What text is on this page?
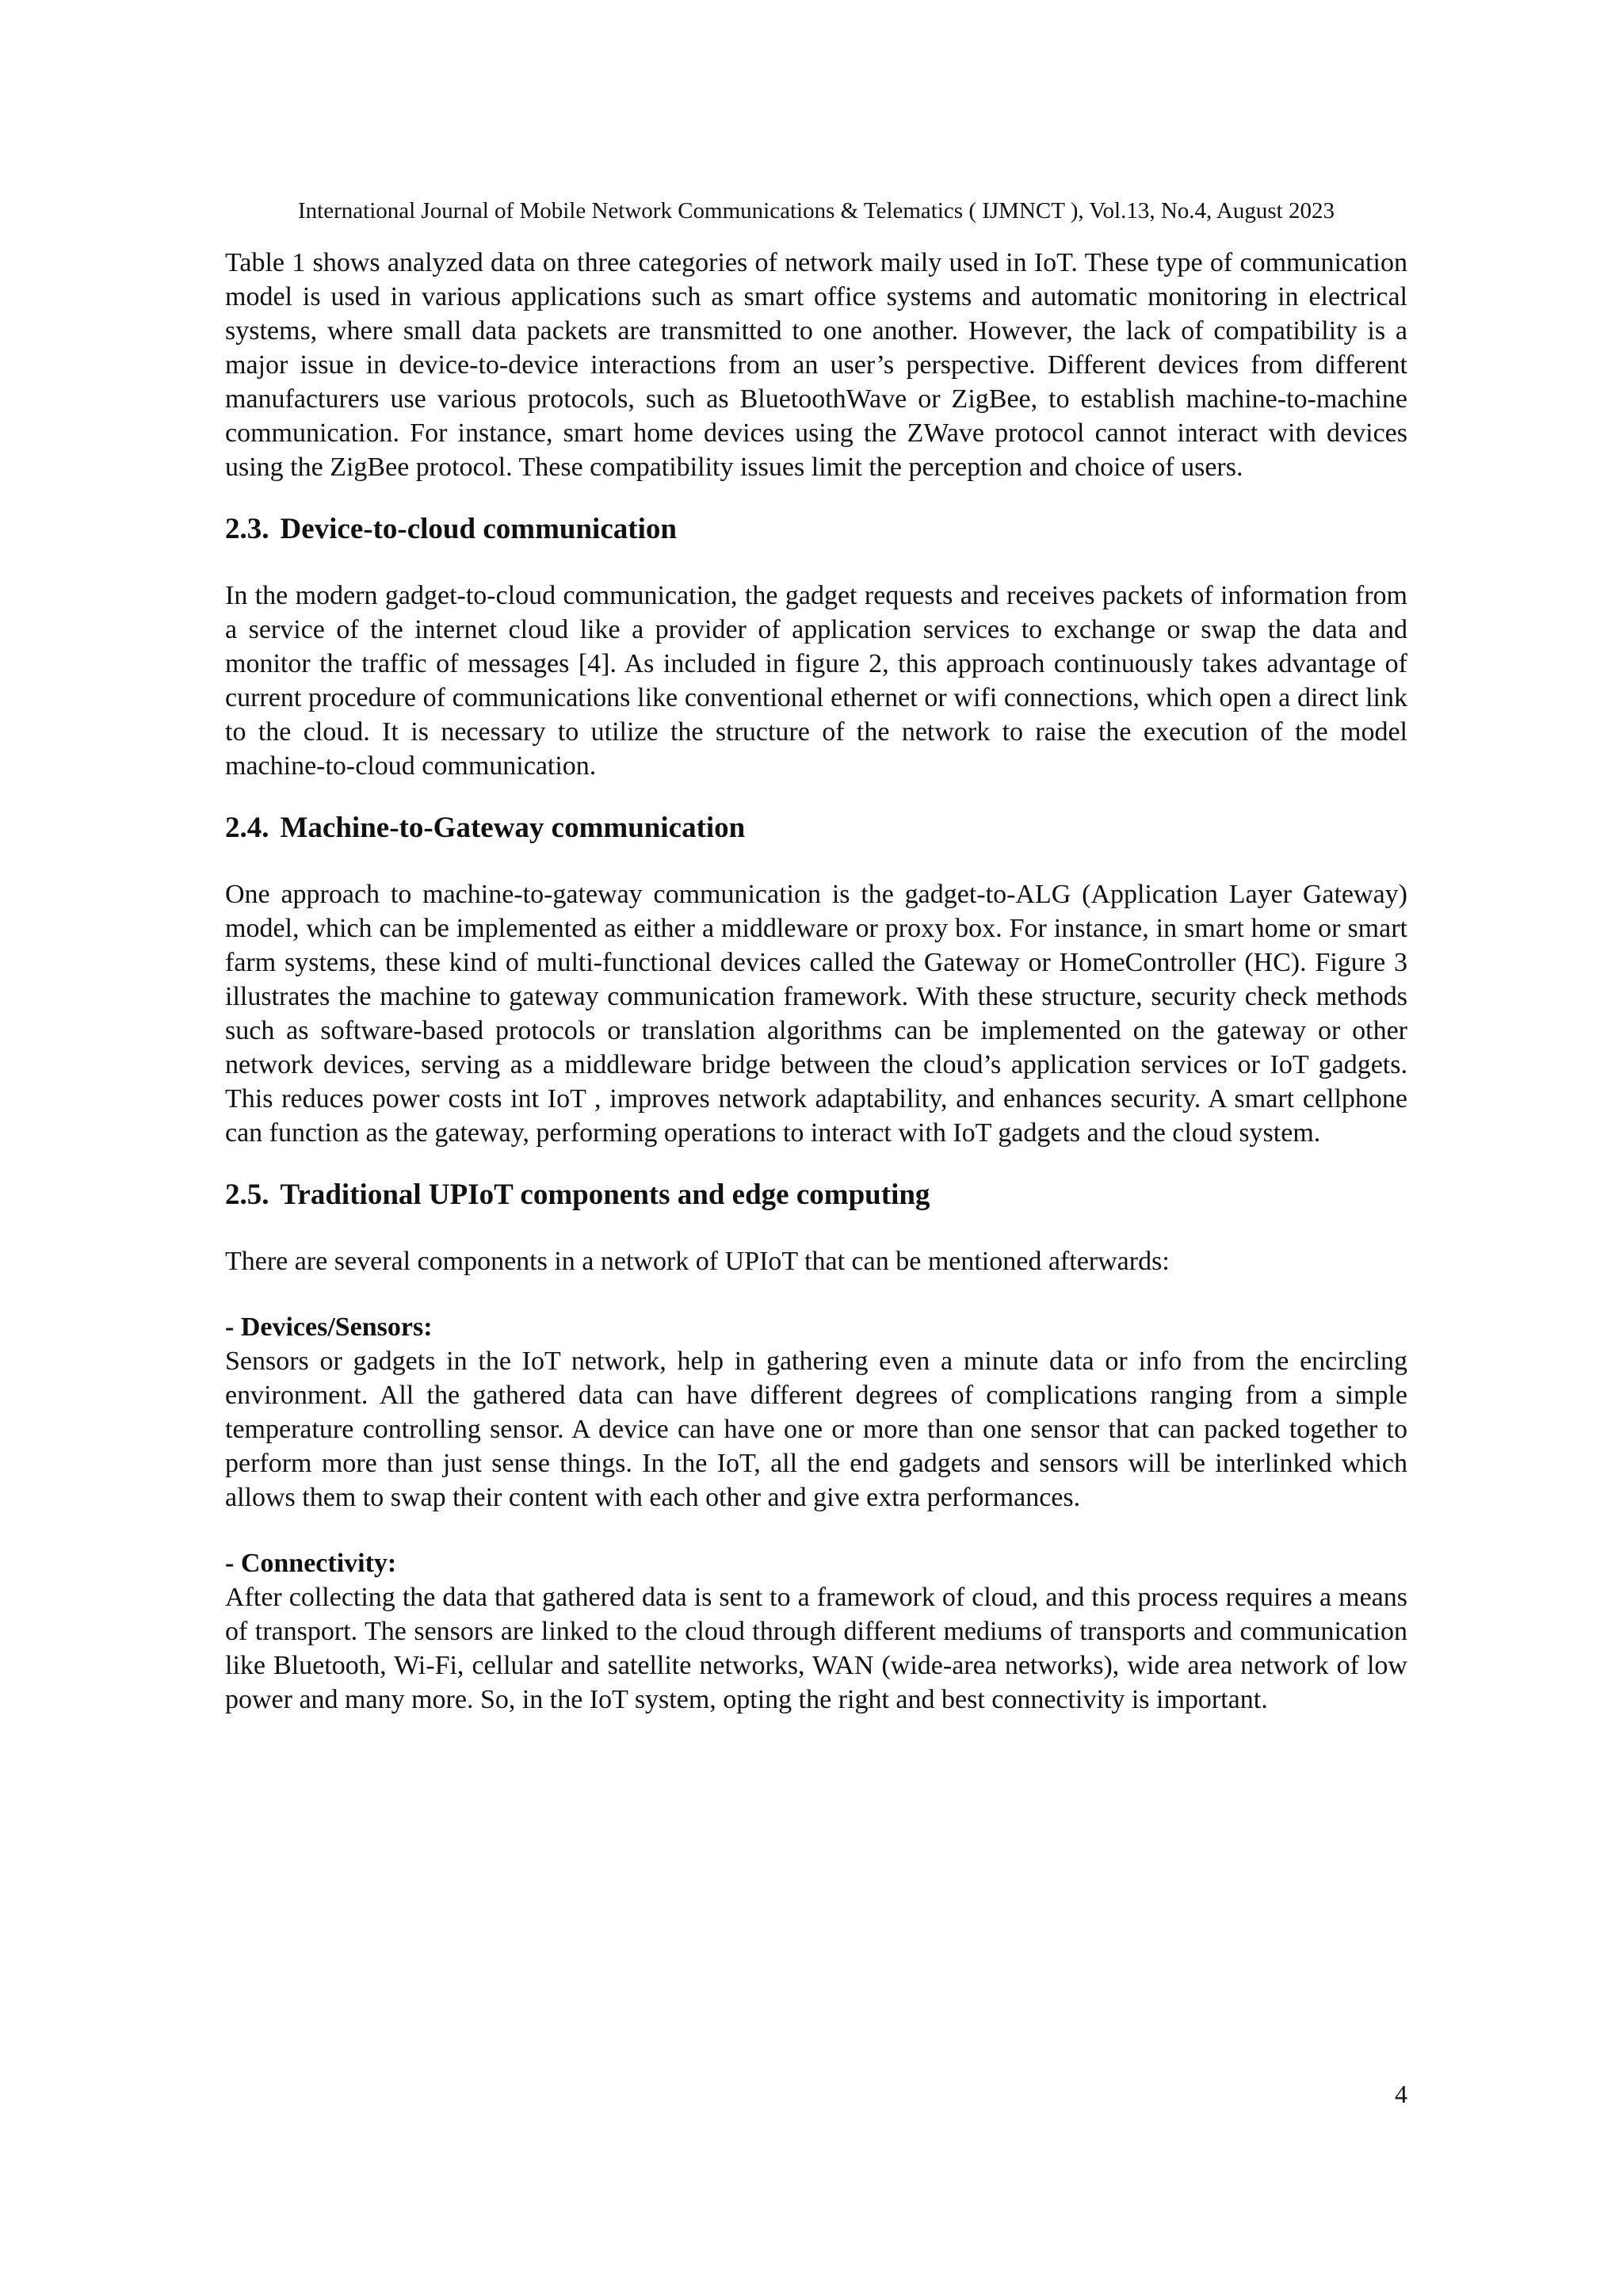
International Journal of Mobile Network Communications & Telematics ( IJMNCT ), Vol.13, No.4, August 2023

Table 1 shows analyzed data on three categories of network maily used in IoT. These type of communication model is used in various applications such as smart office systems and automatic monitoring in electrical systems, where small data packets are transmitted to one another. However, the lack of compatibility is a major issue in device-to-device interactions from an user’s perspective. Different devices from different manufacturers use various protocols, such as BluetoothWave or ZigBee, to establish machine-to-machine communication. For instance, smart home devices using the ZWave protocol cannot interact with devices using the ZigBee protocol. These compatibility issues limit the perception and choice of users.

2.3. Device-to-cloud communication

In the modern gadget-to-cloud communication, the gadget requests and receives packets of information from a service of the internet cloud like a provider of application services to exchange or swap the data and monitor the traffic of messages [4]. As included in figure 2, this approach continuously takes advantage of current procedure of communications like conventional ethernet or wifi connections, which open a direct link to the cloud. It is necessary to utilize the structure of the network to raise the execution of the model machine-to-cloud communication.

2.4. Machine-to-Gateway communication

One approach to machine-to-gateway communication is the gadget-to-ALG (Application Layer Gateway) model, which can be implemented as either a middleware or proxy box. For instance, in smart home or smart farm systems, these kind of multi-functional devices called the Gateway or HomeController (HC). Figure 3 illustrates the machine to gateway communication framework. With these structure, security check methods such as software-based protocols or translation algorithms can be implemented on the gateway or other network devices, serving as a middleware bridge between the cloud’s application services or IoT gadgets. This reduces power costs int IoT , improves network adaptability, and enhances security. A smart cellphone can function as the gateway, performing operations to interact with IoT gadgets and the cloud system.

2.5. Traditional UPIoT components and edge computing

There are several components in a network of UPIoT that can be mentioned afterwards:

- Devices/Sensors:

Sensors or gadgets in the IoT network, help in gathering even a minute data or info from the encircling environment. All the gathered data can have different degrees of complications ranging from a simple temperature controlling sensor. A device can have one or more than one sensor that can packed together to perform more than just sense things. In the IoT, all the end gadgets and sensors will be interlinked which allows them to swap their content with each other and give extra performances.

- Connectivity:

After collecting the data that gathered data is sent to a framework of cloud, and this process requires a means of transport. The sensors are linked to the cloud through different mediums of transports and communication like Bluetooth, Wi-Fi, cellular and satellite networks, WAN (wide-area networks), wide area network of low power and many more. So, in the IoT system, opting the right and best connectivity is important.

4
